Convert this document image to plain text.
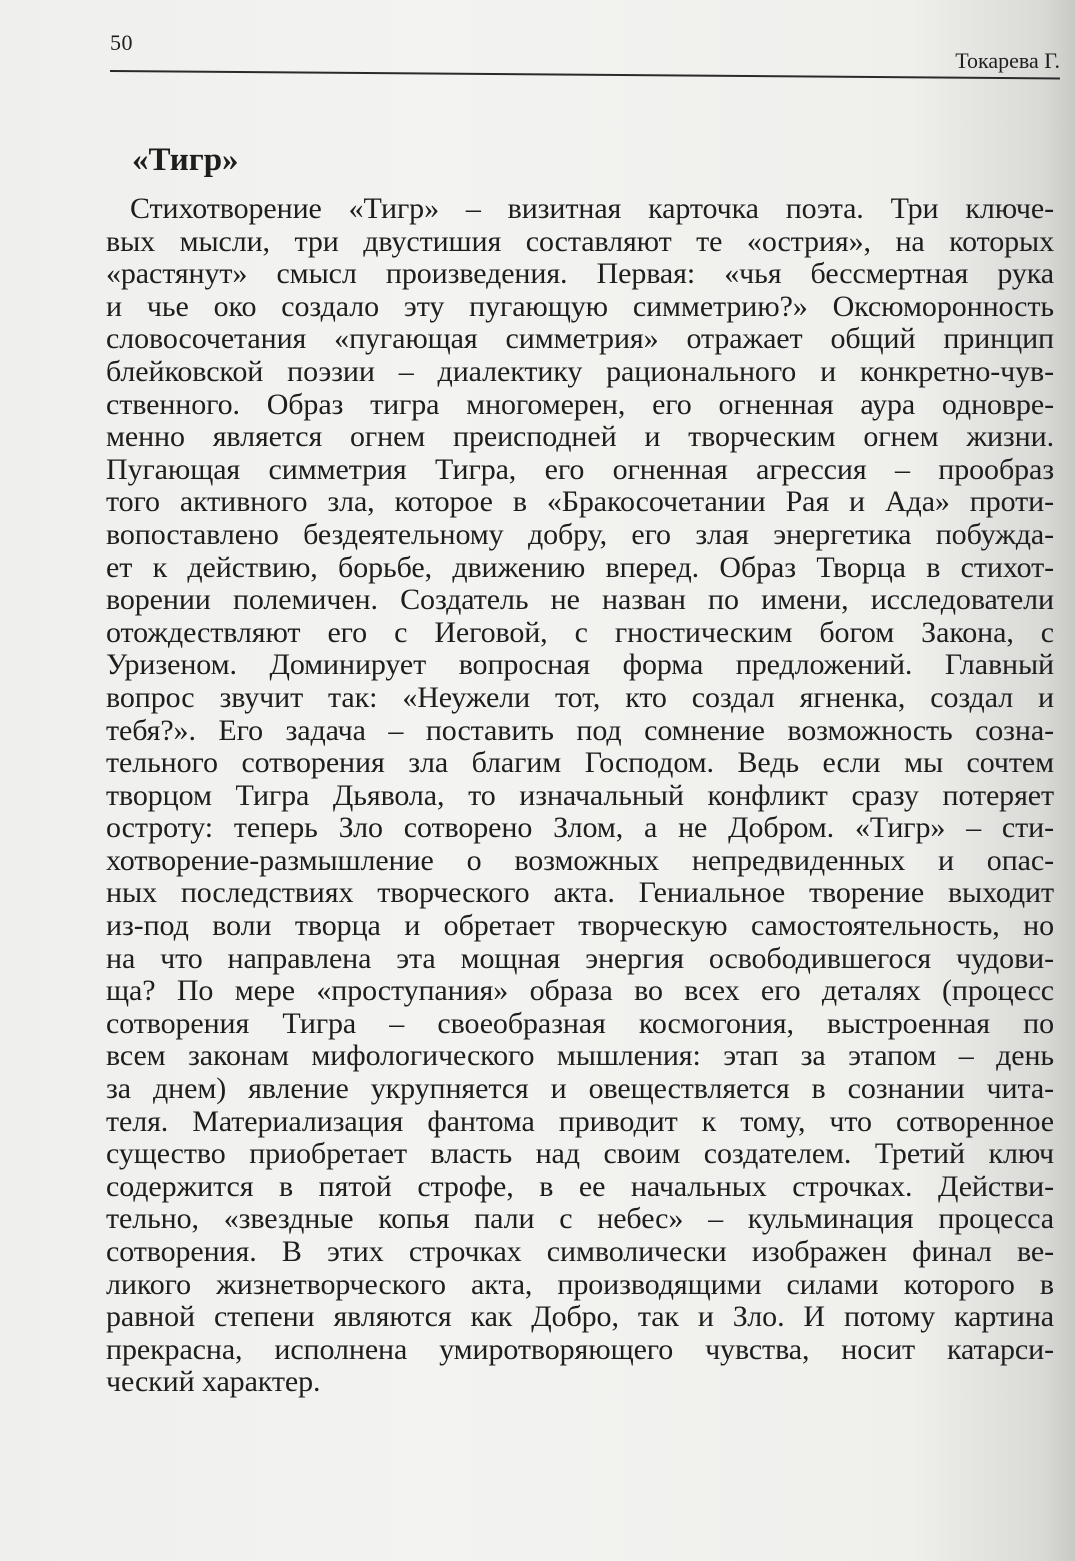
50
Токарева Г.
«Тигр»
Стихотворение «Тигр» – визитная карточка поэта. Три ключе-
вых мысли, три двустишия составляют те «острия», на которых
«растянут» смысл произведения. Первая: «чья бессмертная рука
и чье око создало эту пугающую симметрию?» Оксюморонность
словосочетания «пугающая симметрия» отражает общий принцип
блейковской поэзии – диалектику рационального и конкретно-чув-
ственного. Образ тигра многомерен, его огненная аура одновре-
менно является огнем преисподней и творческим огнем жизни.
Пугающая симметрия Тигра, его огненная агрессия – прообраз
того активного зла, которое в «Бракосочетании Рая и Ада» проти-
вопоставлено бездеятельному добру, его злая энергетика побужда-
ет к действию, борьбе, движению вперед. Образ Творца в стихот-
ворении полемичен. Создатель не назван по имени, исследователи
отождествляют его с Иеговой, с гностическим богом Закона, с
Уризеном. Доминирует вопросная форма предложений. Главный
вопрос звучит так: «Неужели тот, кто создал ягненка, создал и
тебя?». Его задача – поставить под сомнение возможность созна-
тельного сотворения зла благим Господом. Ведь если мы сочтем
творцом Тигра Дьявола, то изначальный конфликт сразу потеряет
остроту: теперь Зло сотворено Злом, а не Добром. «Тигр» – сти-
хотворение-размышление о возможных непредвиденных и опас-
ных последствиях творческого акта. Гениальное творение выходит
из-под воли творца и обретает творческую самостоятельность, но
на что направлена эта мощная энергия освободившегося чудови-
ща? По мере «проступания» образа во всех его деталях (процесс
сотворения Тигра – своеобразная космогония, выстроенная по
всем законам мифологического мышления: этап за этапом – день
за днем) явление укрупняется и овеществляется в сознании чита-
теля. Материализация фантома приводит к тому, что сотворенное
существо приобретает власть над своим создателем. Третий ключ
содержится в пятой строфе, в ее начальных строчках. Действи-
тельно, «звездные копья пали с небес» – кульминация процесса
сотворения. В этих строчках символически изображен финал ве-
ликого жизнетворческого акта, производящими силами которого в
равной степени являются как Добро, так и Зло. И потому картина
прекрасна, исполнена умиротворяющего чувства, носит катарси-
ческий характер.
